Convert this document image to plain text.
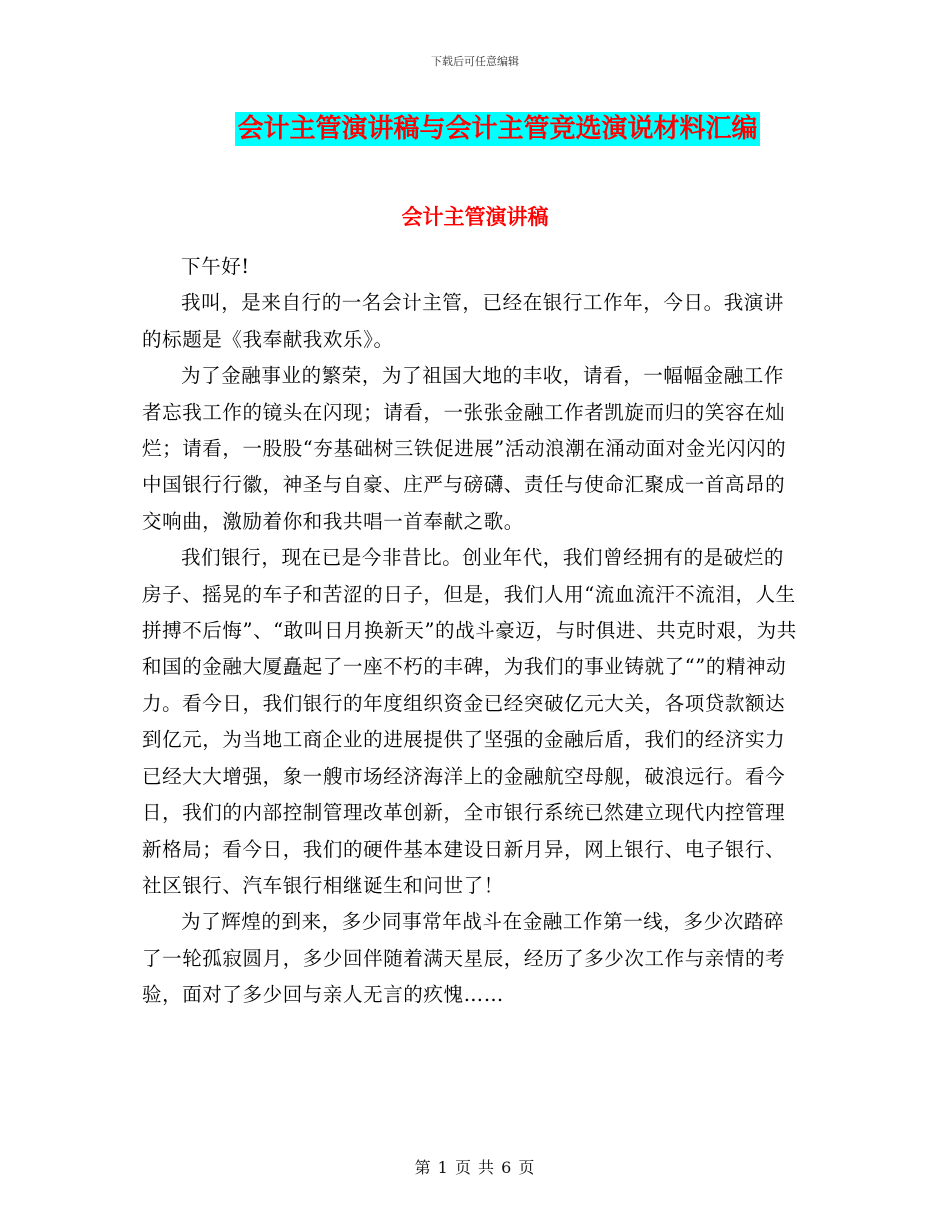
下载后可任意编辑
会计主管演讲稿与会计主管竞选演说材料汇编
会计主管演讲稿

下午好!

我叫，是来自行的一名会计主管，已经在银行工作年，今日。我演讲的标题是《我奉献我欢乐》。

为了金融事业的繁荣，为了祖国大地的丰收，请看，一幅幅金融工作者忘我工作的镜头在闪现；请看，一张张金融工作者凯旋而归的笑容在灿烂；请看，一股股“夯基础树三铁促进展”活动浪潮在涌动面对金光闪闪的中国银行行徽，神圣与自豪、庄严与磅礴、责任与使命汇聚成一首高昂的交响曲，激励着你和我共唱一首奉献之歌。

我们银行，现在已是今非昔比。创业年代，我们曾经拥有的是破烂的房子、摇晃的车子和苦涩的日子，但是，我们人用“流血流汗不流泪，人生拼搏不后悔”、“敢叫日月换新天”的战斗豪迈，与时俱进、共克时艰，为共和国的金融大厦矗起了一座不朽的丰碑，为我们的事业铸就了“”的精神动力。看今日，我们银行的年度组织资金已经突破亿元大关，各项贷款额达到亿元，为当地工商企业的进展提供了坚强的金融后盾，我们的经济实力已经大大增强，象一艘市场经济海洋上的金融航空母舰，破浪远行。看今日，我们的内部控制管理改革创新，全市银行系统已然建立现代内控管理新格局；看今日，我们的硬件基本建设日新月异，网上银行、电子银行、社区银行、汽车银行相继诞生和问世了！

为了辉煌的到来，多少同事常年战斗在金融工作第一线，多少次踏碎了一轮孤寂圆月，多少回伴随着满天星辰，经历了多少次工作与亲情的考验，面对了多少回与亲人无言的疚愧……

第 1 页 共 6 页
